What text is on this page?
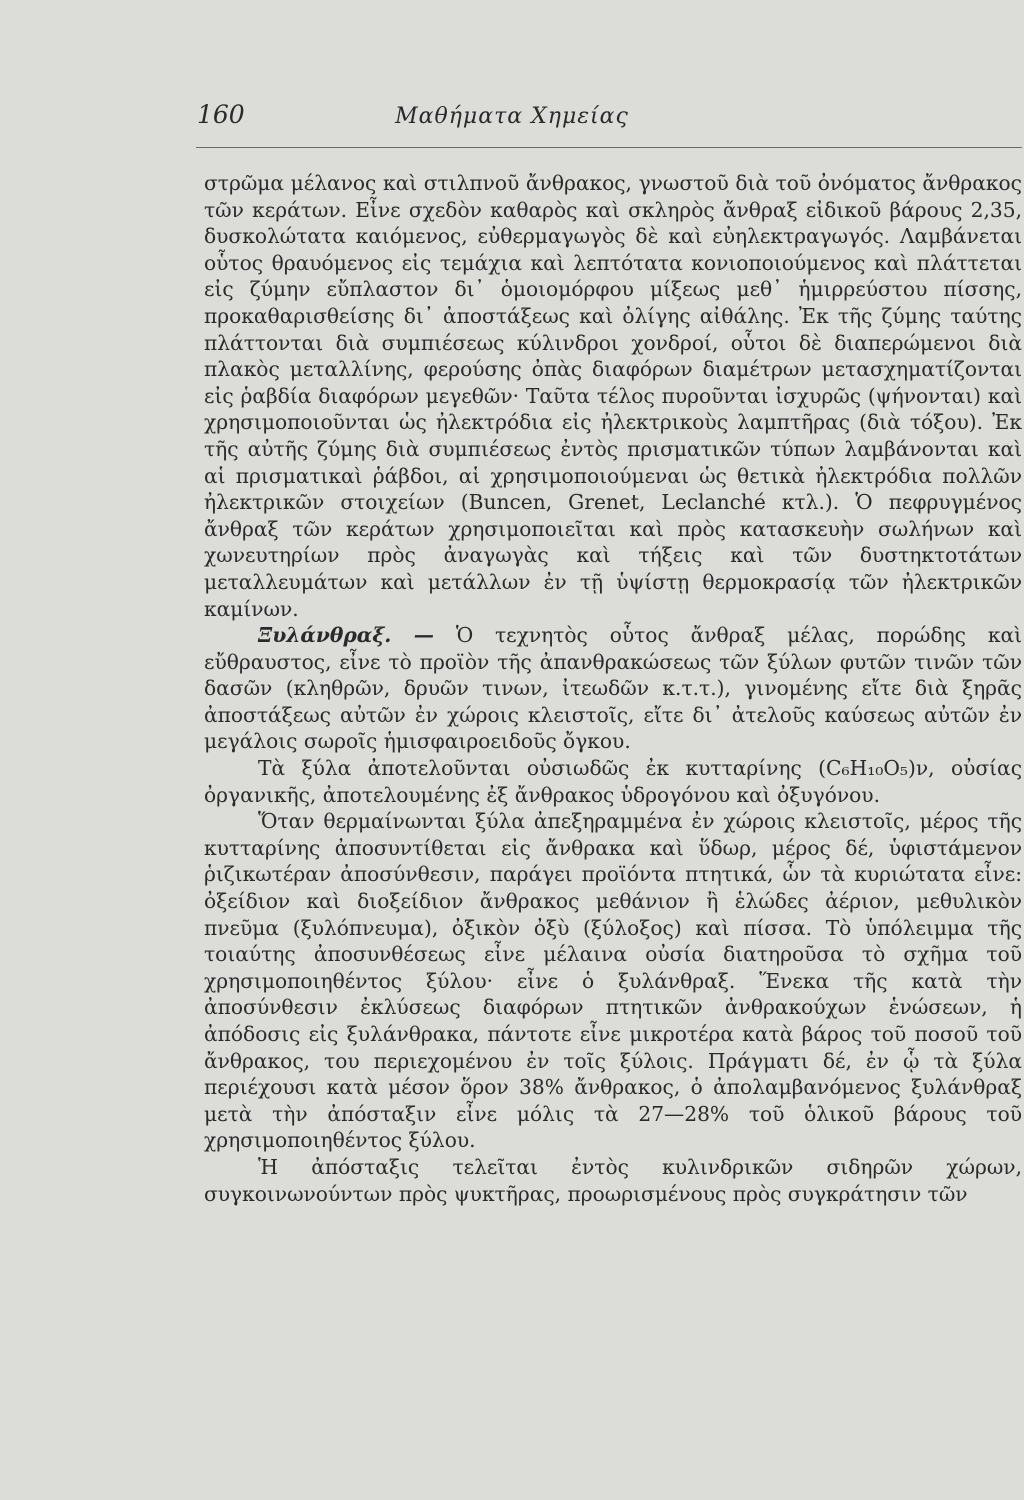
160	Μαθήματα Χημείας

στρῶμα μέλανος καὶ στιλπνοῦ ἄνθρακος, γνωστοῦ διὰ τοῦ ὀνόματος ἄνθρακος τῶν κεράτων. Εἶνε σχεδὸν καθαρὸς καὶ σκληρὸς ἄνθραξ εἰδικοῦ βάρους 2,35, δυσκολώτατα καιόμενος, εὐθερμαγωγὸς δὲ καὶ εὐηλεκτραγωγός. Λαμβάνεται οὗτος θραυόμενος εἰς τεμάχια καὶ λεπτότατα κονιοποιούμενος καὶ πλάττεται εἰς ζύμην εὔπλαστον δι᾽ ὁμοιομόρφου μίξεως μεθ᾽ ἡμιρρεύστου πίσσης, προκαθαρισθείσης δι᾽ ἀποστάξεως καὶ ὀλίγης αἰθάλης. Ἐκ τῆς ζύμης ταύτης πλάττονται διὰ συμπιέσεως κύλινδροι χονδροί, οὗτοι δὲ διαπερώμενοι διὰ πλακὸς μεταλλίνης, φερούσης ὀπὰς διαφόρων διαμέτρων μετασχηματίζονται εἰς ῥαβδία διαφόρων μεγεθῶν· Ταῦτα τέλος πυροῦνται ἰσχυρῶς (ψήνονται) καὶ χρησιμοποιοῦνται ὡς ἠλεκτρόδια εἰς ἠλεκτρικοὺς λαμπτῆρας (διὰ τόξου). Ἐκ τῆς αὐτῆς ζύμης διὰ συμπιέσεως ἐντὸς πρισματικῶν τύπων λαμβάνονται καὶ αἱ πρισματικαὶ ῥάβδοι, αἱ χρησιμοποιούμεναι ὡς θετικὰ ἠλεκτρόδια πολλῶν ἠλεκτρικῶν στοιχείων (Buncen, Grenet, Leclanché κτλ.). Ὁ πεφρυγμένος ἄνθραξ τῶν κεράτων χρησιμοποιεῖται καὶ πρὸς κατασκευὴν σωλήνων καὶ χωνευτηρίων πρὸς ἀναγωγὰς καὶ τήξεις καὶ τῶν δυστηκτοτάτων μεταλλευμάτων καὶ μετάλλων ἐν τῇ ὑψίστῃ θερμοκρασίᾳ τῶν ἠλεκτρικῶν καμίνων.

Ξυλάνθραξ. — Ὁ τεχνητὸς οὗτος ἄνθραξ μέλας, πορώδης καὶ εὔθραυστος, εἶνε τὸ προϊὸν τῆς ἀπανθρακώσεως τῶν ξύλων φυτῶν τινῶν τῶν δασῶν (κληθρῶν, δρυῶν τινων, ἰτεωδῶν κ.τ.τ.), γινομένης εἴτε διὰ ξηρᾶς ἀποστάξεως αὐτῶν ἐν χώροις κλειστοῖς, εἴτε δι᾽ ἀτελοῦς καύσεως αὐτῶν ἐν μεγάλοις σωροῖς ἡμισφαιροειδοῦς ὄγκου.

Τὰ ξύλα ἀποτελοῦνται οὐσιωδῶς ἐκ κυτταρίνης (C₆H₁₀O₅)ν, οὐσίας ὀργανικῆς, ἀποτελουμένης ἐξ ἄνθρακος ὑδρογόνου καὶ ὀξυγόνου.

Ὅταν θερμαίνωνται ξύλα ἀπεξηραμμένα ἐν χώροις κλειστοῖς, μέρος τῆς κυτταρίνης ἀποσυντίθεται εἰς ἄνθρακα καὶ ὕδωρ, μέρος δέ, ὑφιστάμενον ῥιζικωτέραν ἀποσύνθεσιν, παράγει προϊόντα πτητικά, ὧν τὰ κυριώτατα εἶνε: ὀξείδιον καὶ διοξείδιον ἄνθρακος μεθάνιον ἢ ἑλώδες ἀέριον, μεθυλικὸν πνεῦμα (ξυλόπνευμα), ὀξικὸν ὀξὺ (ξύλοξος) καὶ πίσσα. Τὸ ὑπόλειμμα τῆς τοιαύτης ἀποσυνθέσεως εἶνε μέλαινα οὐσία διατηροῦσα τὸ σχῆμα τοῦ χρησιμοποιηθέντος ξύλου· εἶνε ὁ ξυλάνθραξ. Ἕνεκα τῆς κατὰ τὴν ἀποσύνθεσιν ἐκλύσεως διαφόρων πτητικῶν ἀνθρακούχων ἑνώσεων, ἡ ἀπόδοσις εἰς ξυλάνθρακα, πάντοτε εἶνε μικροτέρα κατὰ βάρος τοῦ ποσοῦ τοῦ ἄνθρακος, του περιεχομένου ἐν τοῖς ξύλοις. Πράγματι δέ, ἐν ᾧ τὰ ξύλα περιέχουσι κατὰ μέσον ὅρον 38% ἄνθρακος, ὁ ἀπολαμβανόμενος ξυλάνθραξ μετὰ τὴν ἀπόσταξιν εἶνε μόλις τὰ 27—28% τοῦ ὁλικοῦ βάρους τοῦ χρησιμοποιηθέντος ξύλου.

Ἡ ἀπόσταξις τελεῖται ἐντὸς κυλινδρικῶν σιδηρῶν χώρων, συγκοινωνούντων πρὸς ψυκτῆρας, προωρισμένους πρὸς συγκράτησιν τῶν
